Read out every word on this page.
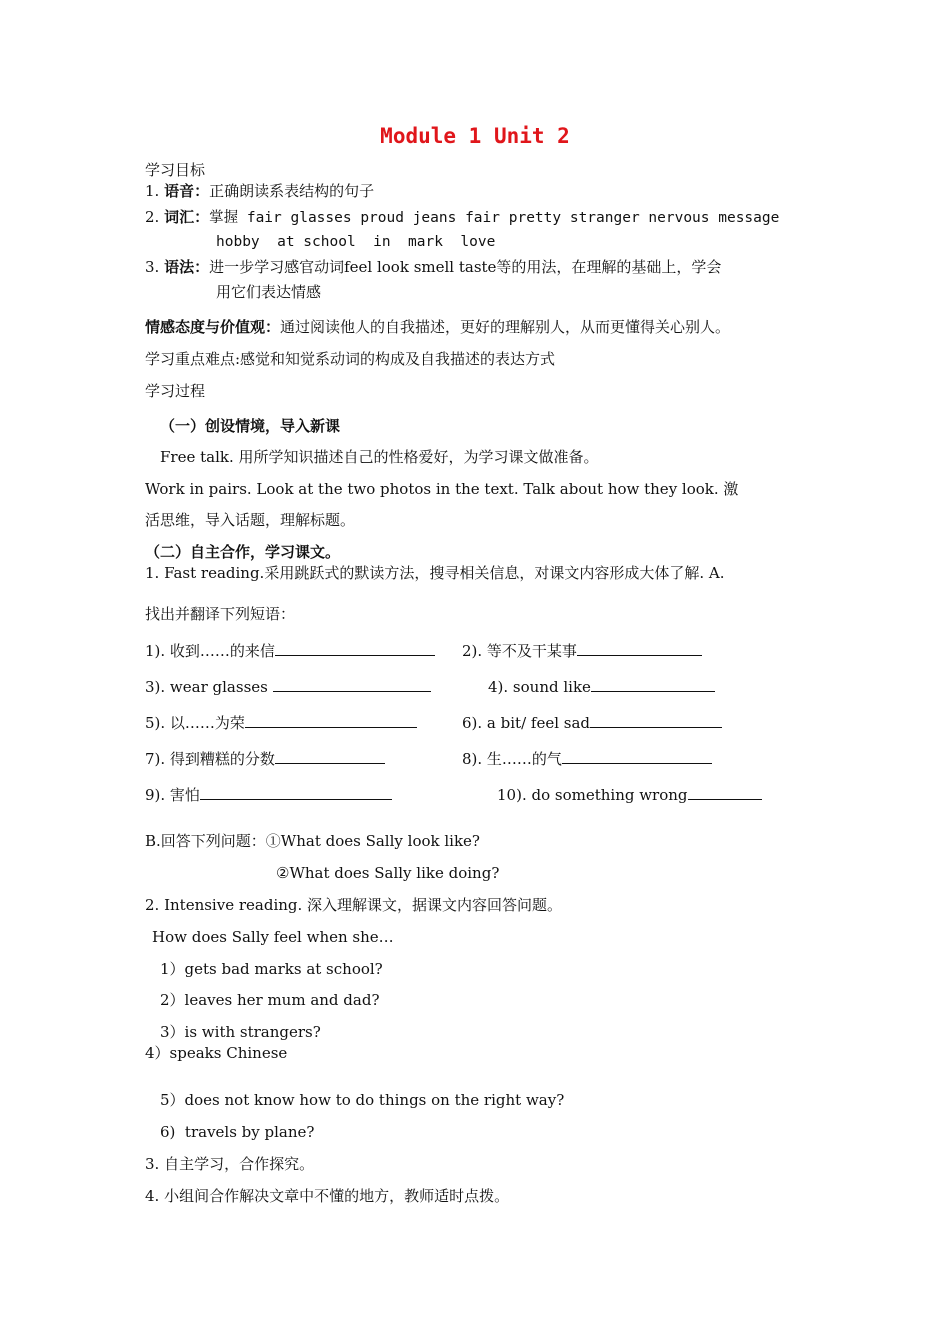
Module 1 Unit 2
学习目标
1. 语音：正确朗读系表结构的句子
2. 词汇：掌握 fair glasses proud jeans fair pretty stranger nervous message
hobby  at school  in  mark  love
3. 语法：进一步学习感官动词feel look smell taste等的用法，在理解的基础上，学会
用它们表达情感
情感态度与价值观：通过阅读他人的自我描述，更好的理解别人，从而更懂得关心别人。
学习重点难点:感觉和知觉系动词的构成及自我描述的表达方式
学习过程
（一）创设情境，导入新课
Free talk. 用所学知识描述自己的性格爱好，为学习课文做准备。
Work in pairs. Look at the two photos in the text. Talk about how they look. 激
活思维，导入话题，理解标题。
（二）自主合作，学习课文。
1. Fast reading.采用跳跃式的默读方法，搜寻相关信息，对课文内容形成大体了解. A.
找出并翻译下列短语：
1). 收到……的来信	2). 等不及干某事
3). wear glasses	4). sound like
5). 以……为荣	6). a bit/ feel sad
7). 得到糟糕的分数	8). 生……的气
9). 害怕	10). do something wrong
B.回答下列问题：①What does Sally look like?
②What does Sally like doing?
2. Intensive reading. 深入理解课文，据课文内容回答问题。
How does Sally feel when she…
1）gets bad marks at school?
2）leaves her mum and dad?
3）is with strangers?
4）speaks Chinese
5）does not know how to do things on the right way?
6)  travels by plane?
3. 自主学习，合作探究。
4. 小组间合作解决文章中不懂的地方，教师适时点拨。
